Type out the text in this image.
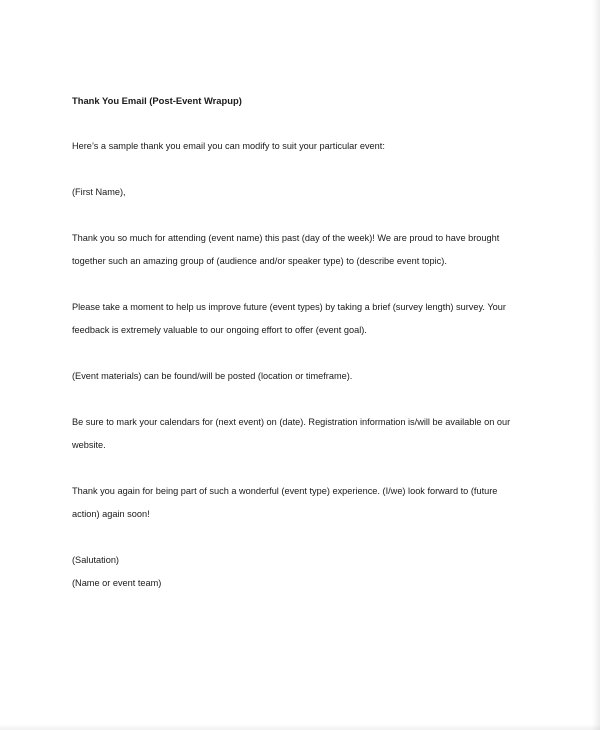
Thank You Email (Post-Event Wrapup)
Here’s a sample thank you email you can modify to suit your particular event:
(First Name),
Thank you so much for attending (event name) this past (day of the week)! We are proud to have brought
together such an amazing group of (audience and/or speaker type) to (describe event topic).
Please take a moment to help us improve future (event types) by taking a brief (survey length) survey. Your
feedback is extremely valuable to our ongoing effort to offer (event goal).
(Event materials) can be found/will be posted (location or timeframe).
Be sure to mark your calendars for (next event) on (date). Registration information is/will be available on our
website.
Thank you again for being part of such a wonderful (event type) experience. (I/we) look forward to (future
action) again soon!
(Salutation)
(Name or event team)
